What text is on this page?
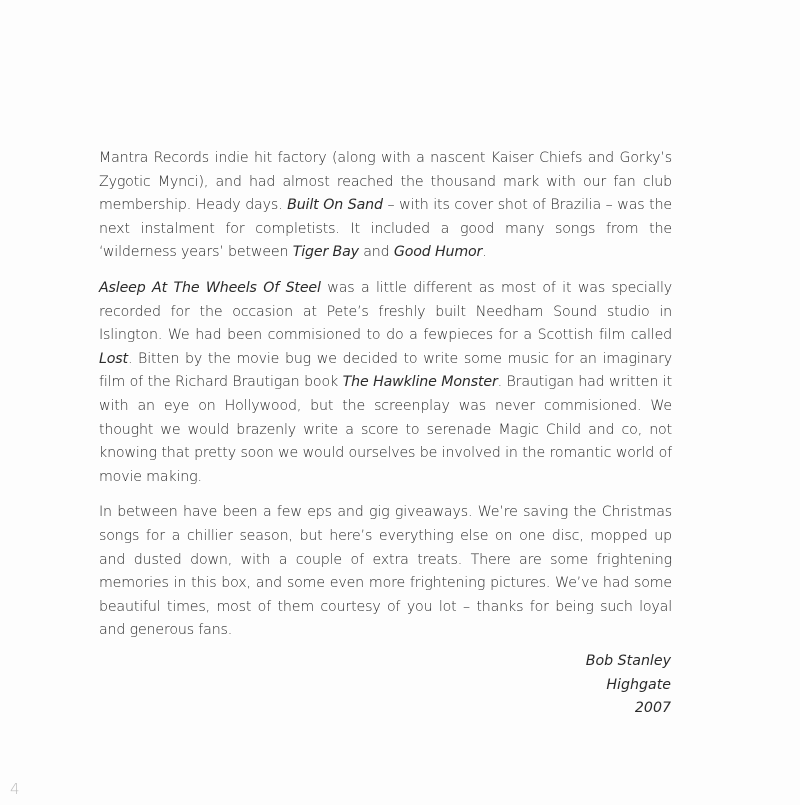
Mantra Records indie hit factory (along with a nascent Kaiser Chiefs and Gorky’s Zygotic Mynci), and had almost reached the thousand mark with our fan club membership. Heady days. Built On Sand – with its cover shot of Brazilia – was the next instalment for completists. It included a good many songs from the ‘wilderness years’ between Tiger Bay and Good Humor.

Asleep At The Wheels Of Steel was a little different as most of it was specially recorded for the occasion at Pete’s freshly built Needham Sound studio in Islington. We had been commisioned to do a fewpieces for a Scottish film called Lost. Bitten by the movie bug we decided to write some music for an imaginary film of the Richard Brautigan book The Hawkline Monster. Brautigan had written it with an eye on Hollywood, but the screenplay was never commisioned. We thought we would brazenly write a score to serenade Magic Child and co, not knowing that pretty soon we would ourselves be involved in the romantic world of movie making.

In between have been a few eps and gig giveaways. We’re saving the Christmas songs for a chillier season, but here’s everything else on one disc, mopped up and dusted down, with a couple of extra treats. There are some frightening memories in this box, and some even more frightening pictures. We’ve had some beautiful times, most of them courtesy of you lot – thanks for being such loyal and generous fans.

Bob Stanley
Highgate
2007
4
